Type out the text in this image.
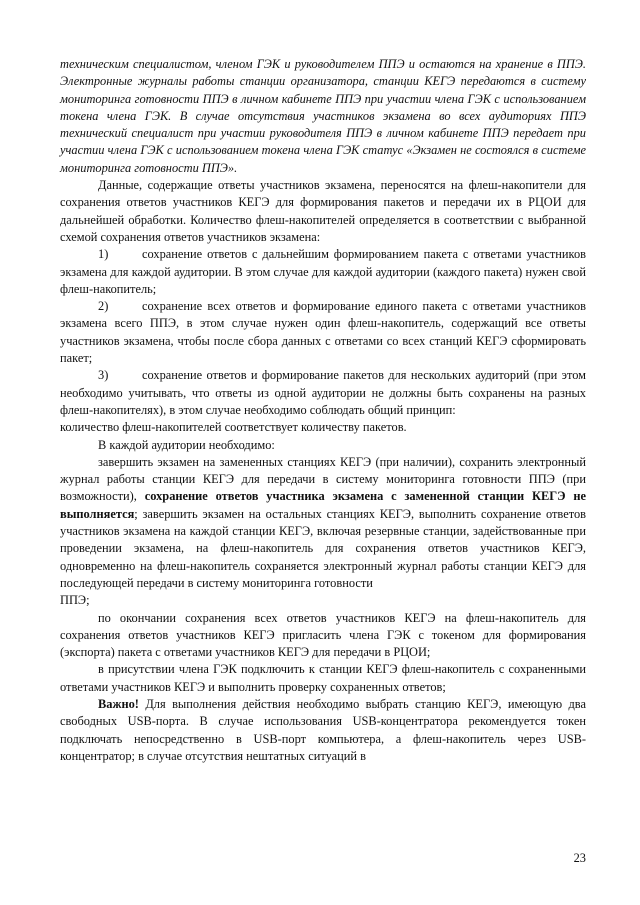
техническим специалистом, членом ГЭК и руководителем ППЭ и остаются на хранение в ППЭ. Электронные журналы работы станции организатора, станции КЕГЭ передаются в систему мониторинга готовности ППЭ в личном кабинете ППЭ при участии члена ГЭК с использованием токена члена ГЭК. В случае отсутствия участников экзамена во всех аудиториях ППЭ технический специалист при участии руководителя ППЭ в личном кабинете ППЭ передает при участии члена ГЭК с использованием токена члена ГЭК статус «Экзамен не состоялся в системе мониторинга готовности ППЭ».

Данные, содержащие ответы участников экзамена, переносятся на флеш-накопители для сохранения ответов участников КЕГЭ для формирования пакетов и передачи их в РЦОИ для дальнейшей обработки. Количество флеш-накопителей определяется в соответствии с выбранной схемой сохранения ответов участников экзамена:

1)	сохранение ответов с дальнейшим формированием пакета с ответами участников экзамена для каждой аудитории. В этом случае для каждой аудитории (каждого пакета) нужен свой флеш-накопитель;

2)	сохранение всех ответов и формирование единого пакета с ответами участников экзамена всего ППЭ, в этом случае нужен один флеш-накопитель, содержащий все ответы участников экзамена, чтобы после сбора данных с ответами со всех станций КЕГЭ сформировать пакет;

3)	сохранение ответов и формирование пакетов для нескольких аудиторий (при этом необходимо учитывать, что ответы из одной аудитории не должны быть сохранены на разных флеш-накопителях), в этом случае необходимо соблюдать общий принцип:

количество флеш-накопителей соответствует количеству пакетов.

В каждой аудитории необходимо:

завершить экзамен на замененных станциях КЕГЭ (при наличии), сохранить электронный журнал работы станции КЕГЭ для передачи в систему мониторинга готовности ППЭ (при возможности), сохранение ответов участника экзамена с замененной станции КЕГЭ не выполняется; завершить экзамен на остальных станциях КЕГЭ, выполнить сохранение ответов участников экзамена на каждой станции КЕГЭ, включая резервные станции, задействованные при проведении экзамена, на флеш-накопитель для сохранения ответов участников КЕГЭ, одновременно на флеш-накопитель сохраняется электронный журнал работы станции КЕГЭ для последующей передачи в систему мониторинга готовности

ППЭ;

по окончании сохранения всех ответов участников КЕГЭ на флеш-накопитель для сохранения ответов участников КЕГЭ пригласить члена ГЭК с токеном для формирования (экспорта) пакета с ответами участников КЕГЭ для передачи в РЦОИ;

в присутствии члена ГЭК подключить к станции КЕГЭ флеш-накопитель с сохраненными ответами участников КЕГЭ и выполнить проверку сохраненных ответов;

Важно! Для выполнения действия необходимо выбрать станцию КЕГЭ, имеющую два свободных USB-порта. В случае использования USB-концентратора рекомендуется токен подключать непосредственно в USB-порт компьютера, а флеш-накопитель через USB-концентратор; в случае отсутствия нештатных ситуаций в

23
